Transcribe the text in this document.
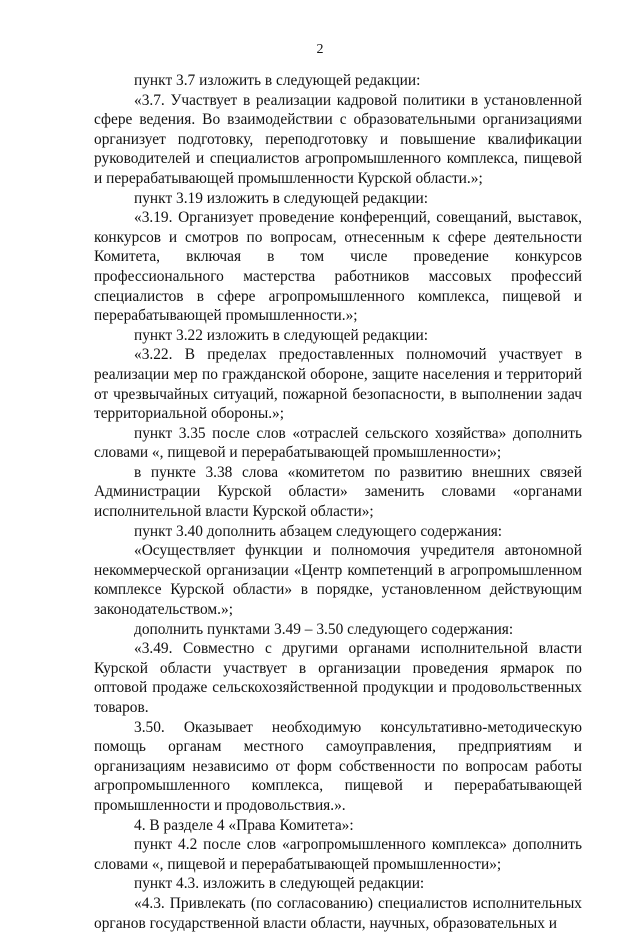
2

пункт 3.7 изложить в следующей редакции:

«3.7. Участвует в реализации кадровой политики в установленной сфере ведения. Во взаимодействии с образовательными организациями организует подготовку, переподготовку и повышение квалификации руководителей и специалистов агропромышленного комплекса, пищевой и перерабатывающей промышленности Курской области.»;

пункт 3.19 изложить в следующей редакции:

«3.19. Организует проведение конференций, совещаний, выставок, конкурсов и смотров по вопросам, отнесенным к сфере деятельности Комитета, включая в том числе проведение конкурсов профессионального мастерства работников массовых профессий специалистов в сфере агропромышленного комплекса, пищевой и перерабатывающей промышленности.»;

пункт 3.22 изложить в следующей редакции:

«3.22. В пределах предоставленных полномочий участвует в реализации мер по гражданской обороне, защите населения и территорий от чрезвычайных ситуаций, пожарной безопасности, в выполнении задач территориальной обороны.»;

пункт 3.35 после слов «отраслей сельского хозяйства» дополнить словами «, пищевой и перерабатывающей промышленности»;

в пункте 3.38 слова «комитетом по развитию внешних связей Администрации Курской области» заменить словами «органами исполнительной власти Курской области»;

пункт 3.40 дополнить абзацем следующего содержания:

«Осуществляет функции и полномочия учредителя автономной некоммерческой организации «Центр компетенций в агропромышленном комплексе Курской области» в порядке, установленном действующим законодательством.»;

дополнить пунктами 3.49 – 3.50 следующего содержания:

«3.49. Совместно с другими органами исполнительной власти Курской области участвует в организации проведения ярмарок по оптовой продаже сельскохозяйственной продукции и продовольственных товаров.

3.50. Оказывает необходимую консультативно-методическую помощь органам местного самоуправления, предприятиям и организациям независимо от форм собственности по вопросам работы агропромышленного комплекса, пищевой и перерабатывающей промышленности и продовольствия.».

4. В разделе 4 «Права Комитета»:

пункт 4.2 после слов «агропромышленного комплекса» дополнить словами «, пищевой и перерабатывающей промышленности»;

пункт 4.3. изложить в следующей редакции:

«4.3. Привлекать (по согласованию) специалистов исполнительных органов государственной власти области, научных, образовательных и
